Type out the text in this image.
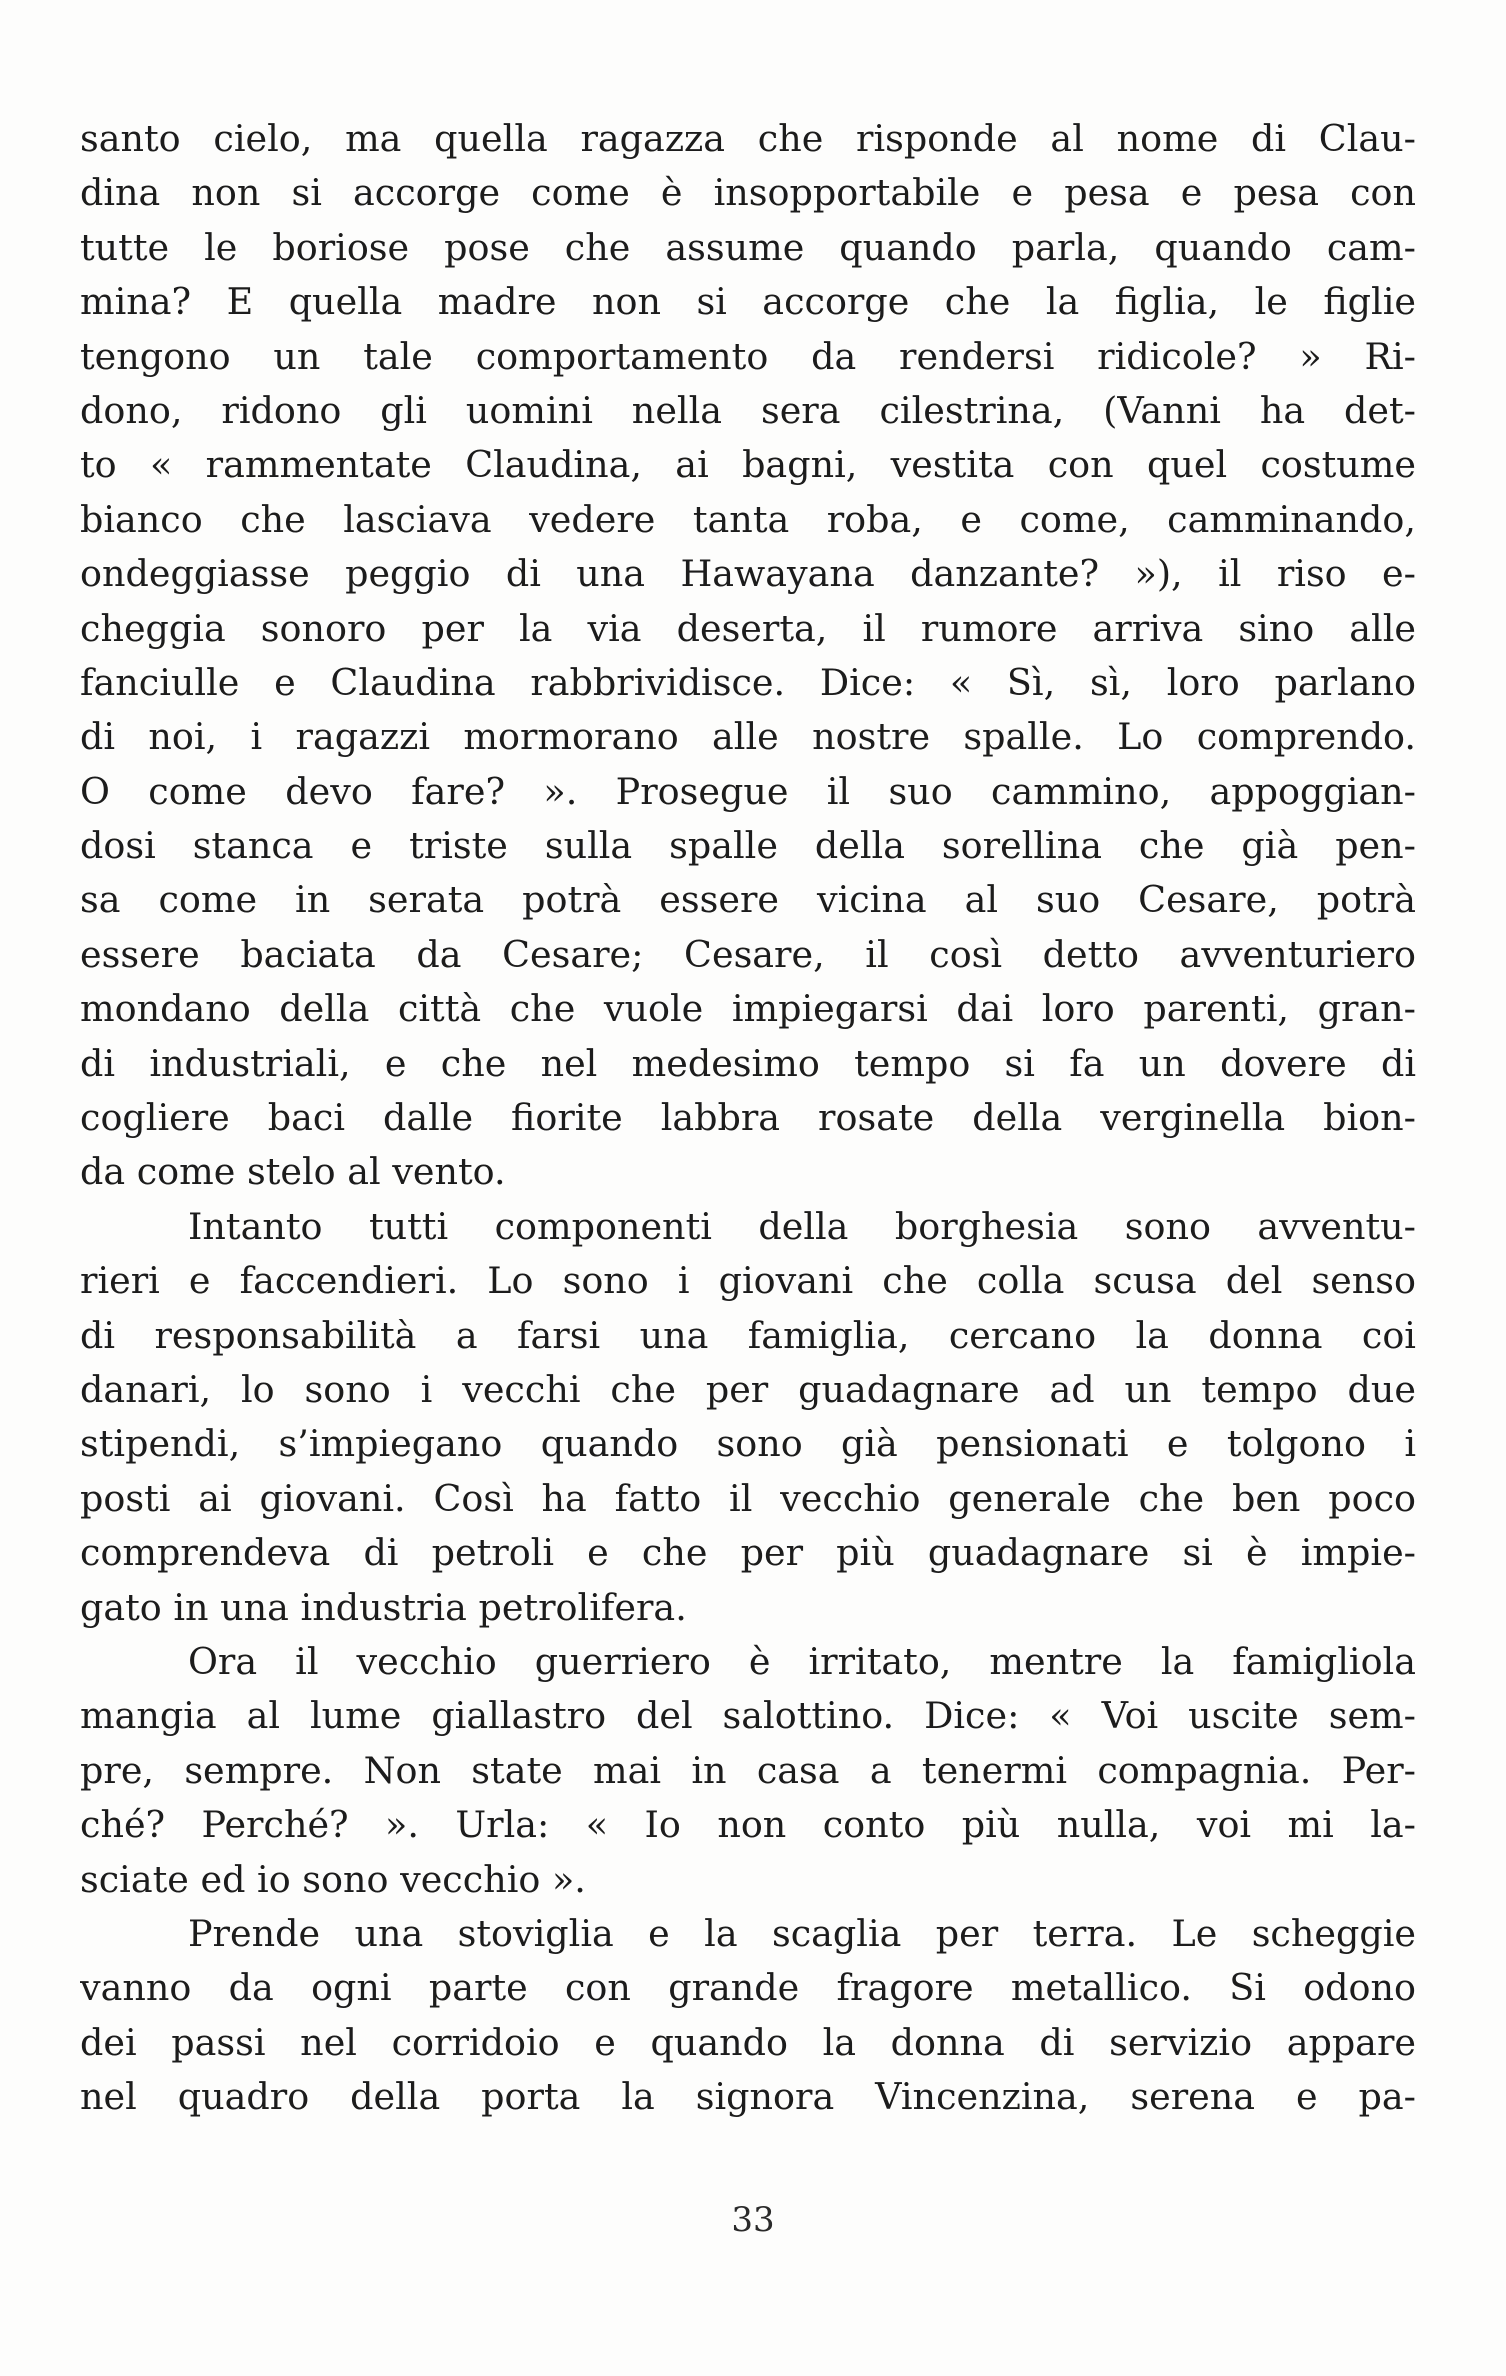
santo cielo, ma quella ragazza che risponde al nome di Clau-
dina non si accorge come è insopportabile e pesa e pesa con
tutte le boriose pose che assume quando parla, quando cam-
mina? E quella madre non si accorge che la figlia, le figlie
tengono un tale comportamento da rendersi ridicole? » Ri-
dono, ridono gli uomini nella sera cilestrina, (Vanni ha det-
to « rammentate Claudina, ai bagni, vestita con quel costume
bianco che lasciava vedere tanta roba, e come, camminando,
ondeggiasse peggio di una Hawayana danzante? »), il riso e-
cheggia sonoro per la via deserta, il rumore arriva sino alle
fanciulle e Claudina rabbrividisce. Dice: « Sì, sì, loro parlano
di noi, i ragazzi mormorano alle nostre spalle. Lo comprendo.
O come devo fare? ». Prosegue il suo cammino, appoggian-
dosi stanca e triste sulla spalle della sorellina che già pen-
sa come in serata potrà essere vicina al suo Cesare, potrà
essere baciata da Cesare; Cesare, il così detto avventuriero
mondano della città che vuole impiegarsi dai loro parenti, gran-
di industriali, e che nel medesimo tempo si fa un dovere di
cogliere baci dalle fiorite labbra rosate della verginella bion-
da come stelo al vento.
Intanto tutti componenti della borghesia sono avventu-
rieri e faccendieri. Lo sono i giovani che colla scusa del senso
di responsabilità a farsi una famiglia, cercano la donna coi
danari, lo sono i vecchi che per guadagnare ad un tempo due
stipendi, s’impiegano quando sono già pensionati e tolgono i
posti ai giovani. Così ha fatto il vecchio generale che ben poco
comprendeva di petroli e che per più guadagnare si è impie-
gato in una industria petrolifera.
Ora il vecchio guerriero è irritato, mentre la famigliola
mangia al lume giallastro del salottino. Dice: « Voi uscite sem-
pre, sempre. Non state mai in casa a tenermi compagnia. Per-
ché? Perché? ». Urla: « Io non conto più nulla, voi mi la-
sciate ed io sono vecchio ».
Prende una stoviglia e la scaglia per terra. Le scheggie
vanno da ogni parte con grande fragore metallico. Si odono
dei passi nel corridoio e quando la donna di servizio appare
nel quadro della porta la signora Vincenzina, serena e pa-
33
